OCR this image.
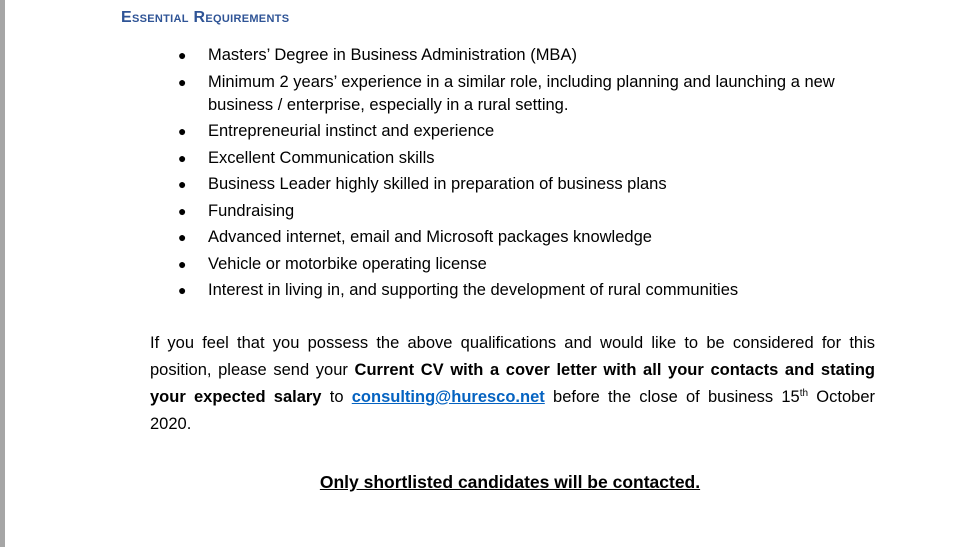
Essential Requirements
● Masters’ Degree in Business Administration (MBA)
● Minimum 2 years’ experience in a similar role, including planning and launching a new business / enterprise, especially in a rural setting.
● Entrepreneurial instinct and experience
● Excellent Communication skills
● Business Leader highly skilled in preparation of business plans
● Fundraising
● Advanced internet, email and Microsoft packages knowledge
● Vehicle or motorbike operating license
● Interest in living in, and supporting the development of rural communities

If you feel that you possess the above qualifications and would like to be considered for this position, please send your Current CV with a cover letter with all your contacts and stating your expected salary to consulting@huresco.net before the close of business 15th October 2020.

Only shortlisted candidates will be contacted.
